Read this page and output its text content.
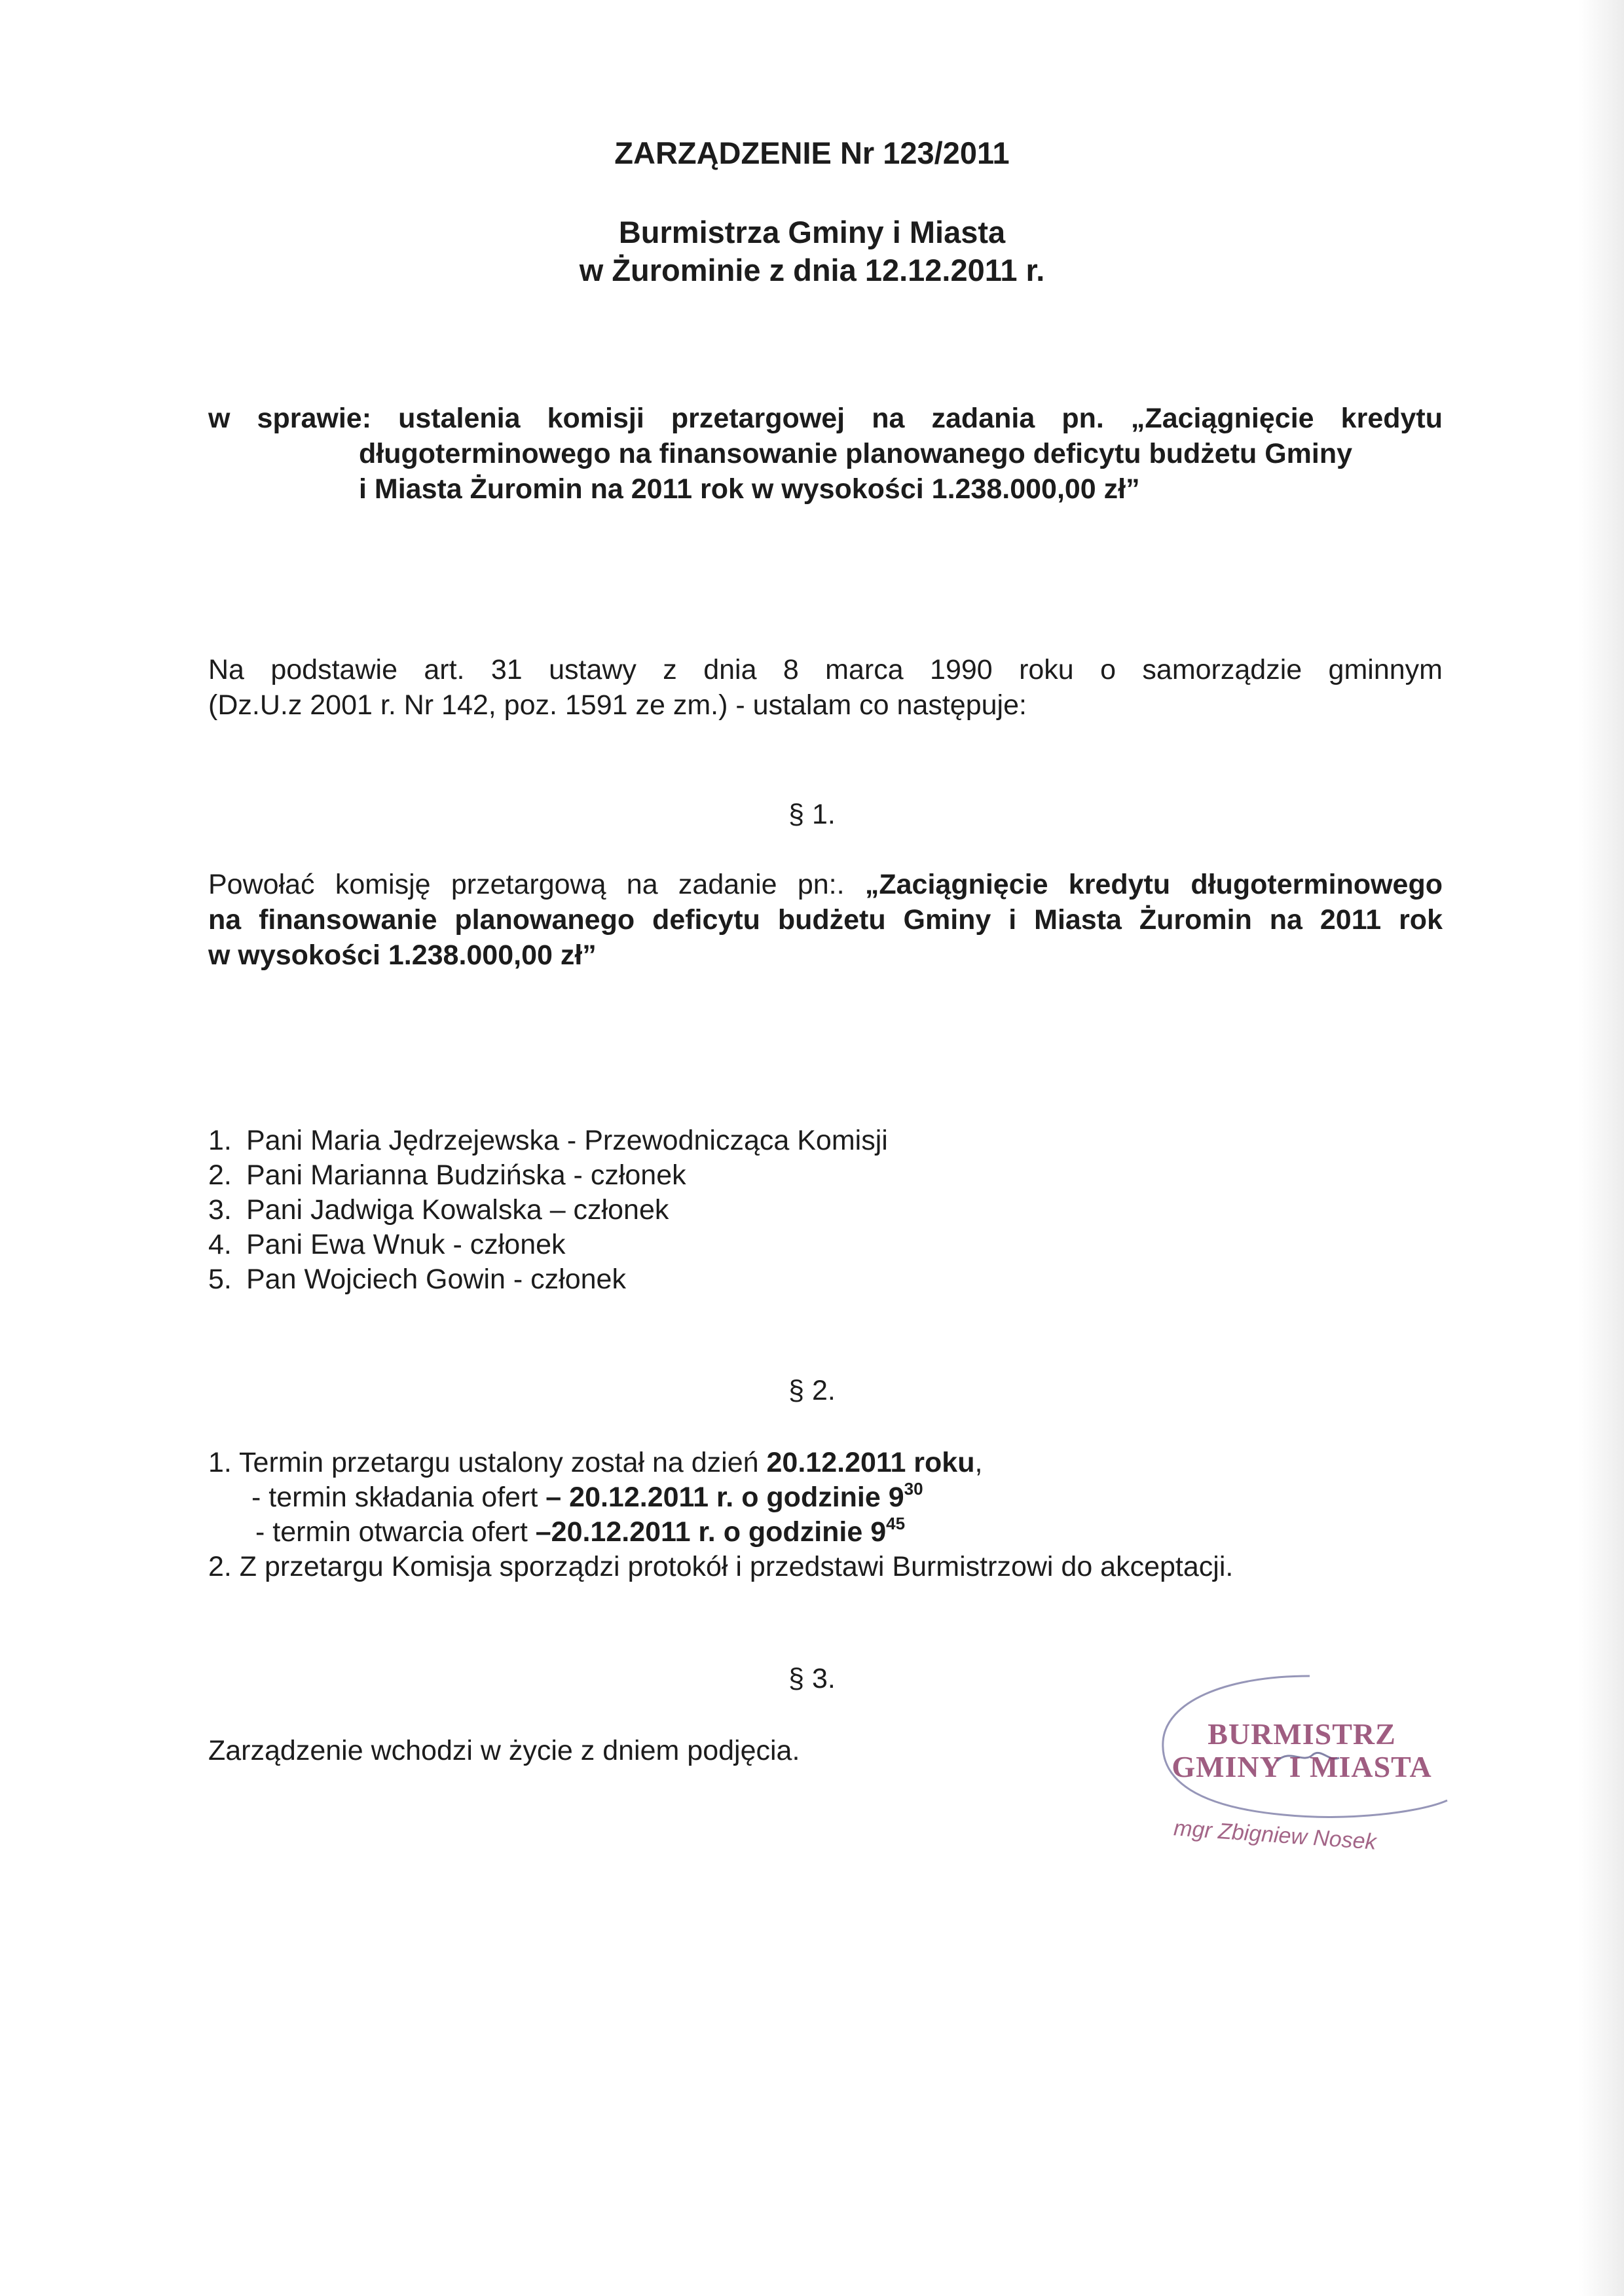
ZARZĄDZENIE Nr 123/2011

Burmistrza Gminy i Miasta
w Żurominie z dnia 12.12.2011 r.

w sprawie: ustalenia komisji przetargowej na zadania pn. „Zaciągnięcie kredytu
długoterminowego na finansowanie planowanego deficytu budżetu Gminy
i Miasta Żuromin na 2011 rok w wysokości 1.238.000,00 zł”
Na podstawie art. 31 ustawy z dnia 8 marca 1990 roku o samorządzie gminnym
(Dz.U.z 2001 r. Nr 142, poz. 1591 ze zm.) - ustalam co następuje:

§ 1.

Powołać komisję przetargową na zadanie pn:. „Zaciągnięcie kredytu długoterminowego
na finansowanie planowanego deficytu budżetu Gminy i Miasta Żuromin na 2011 rok
w wysokości 1.238.000,00 zł”
1. Pani Maria Jędrzejewska - Przewodnicząca Komisji
2. Pani Marianna Budzińska - członek
3. Pani Jadwiga Kowalska – członek
4. Pani Ewa Wnuk - członek
5. Pan Wojciech Gowin - członek

§ 2.

1. Termin przetargu ustalony został na dzień 20.12.2011 roku,
- termin składania ofert – 20.12.2011 r. o godzinie $9^{30}$
- termin otwarcia ofert –20.12.2011 r. o godzinie $9^{45}$
2. Z przetargu Komisja sporządzi protokół i przedstawi Burmistrzowi do akceptacji.

§ 3.

Zarządzenie wchodzi w życie z dniem podjęcia.	BURMISTRZ
GMINY I MIASTA

mgr Zbigniew Nosek
